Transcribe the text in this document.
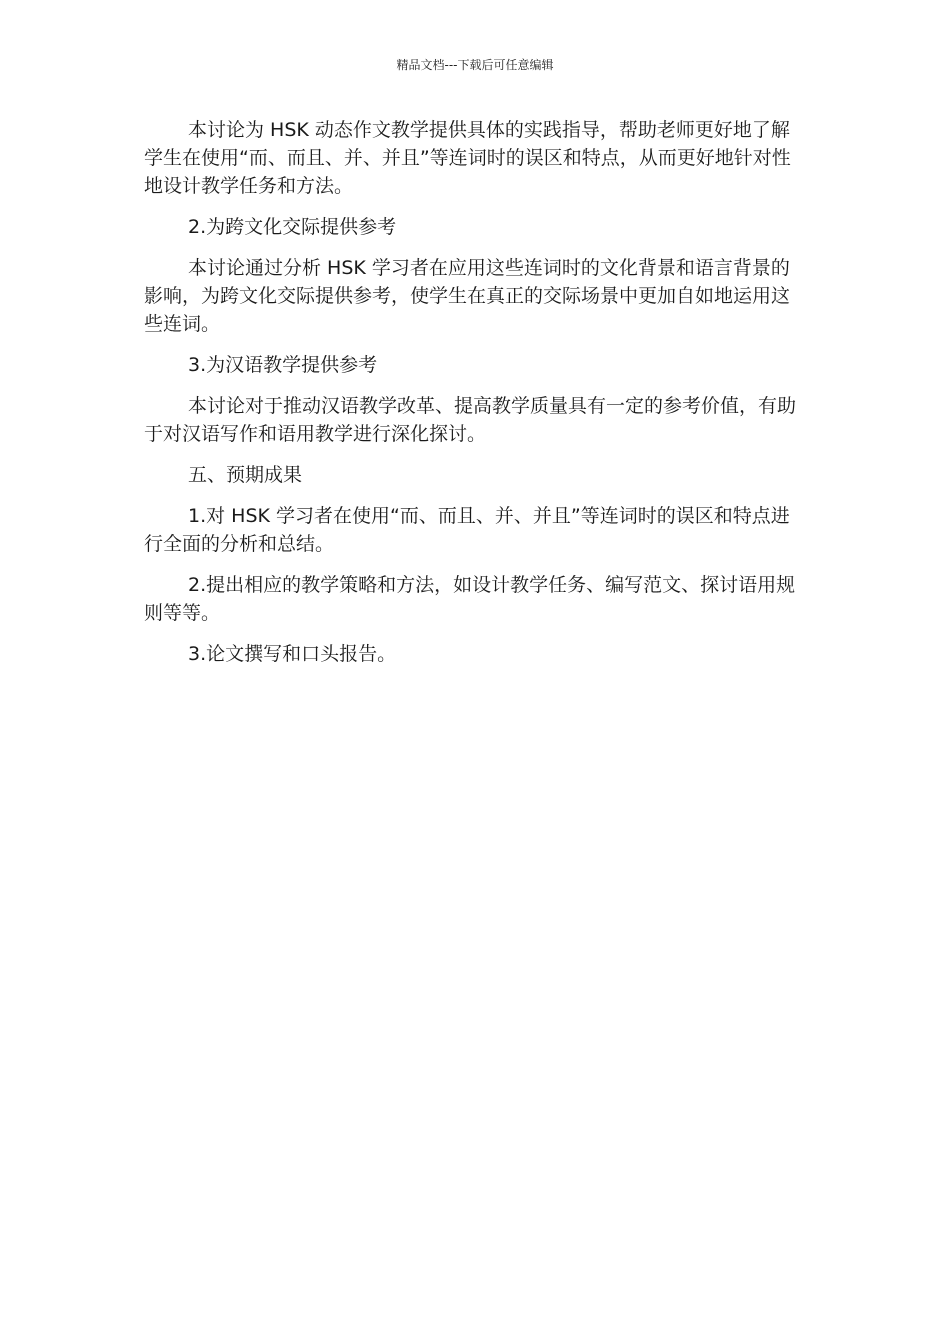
精品文档---下载后可任意编辑

本讨论为 HSK 动态作文教学提供具体的实践指导，帮助老师更好地了解学生在使用“而、而且、并、并且”等连词时的误区和特点，从而更好地针对性地设计教学任务和方法。

2.为跨文化交际提供参考

本讨论通过分析 HSK 学习者在应用这些连词时的文化背景和语言背景的影响，为跨文化交际提供参考，使学生在真正的交际场景中更加自如地运用这些连词。

3.为汉语教学提供参考

本讨论对于推动汉语教学改革、提高教学质量具有一定的参考价值，有助于对汉语写作和语用教学进行深化探讨。

五、预期成果

1.对 HSK 学习者在使用“而、而且、并、并且”等连词时的误区和特点进行全面的分析和总结。

2.提出相应的教学策略和方法，如设计教学任务、编写范文、探讨语用规则等等。

3.论文撰写和口头报告。
